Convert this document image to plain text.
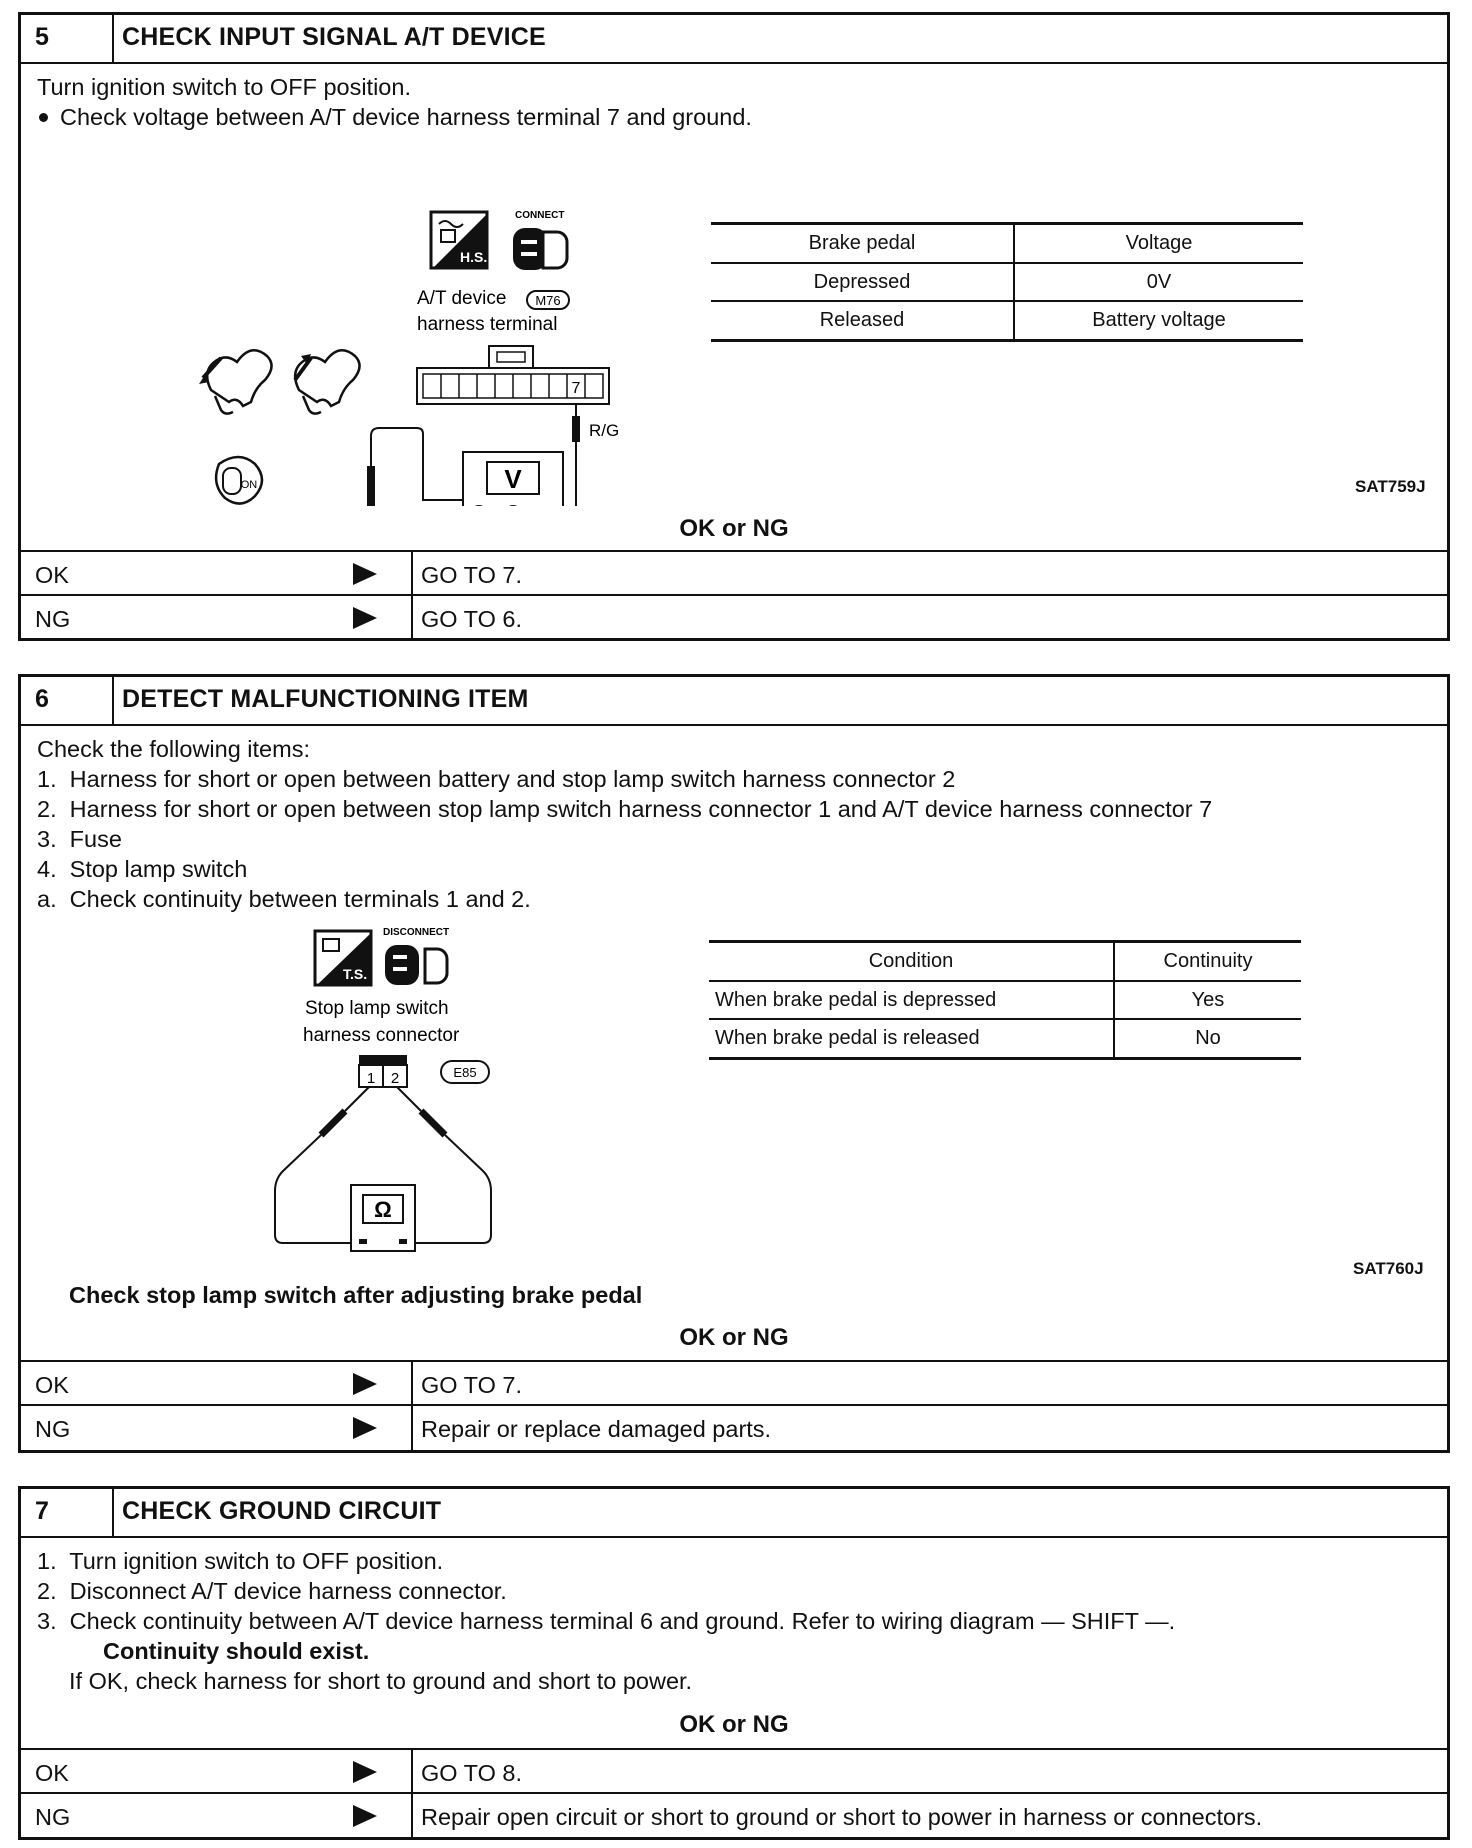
5	CHECK INPUT SIGNAL A/T DEVICE
Turn ignition switch to OFF position.
Check voltage between A/T device harness terminal 7 and ground.
H.S.
CONNECT
A/T device M76
harness terminal
7
R/G
V
ON
Brake pedal	Voltage
Depressed	0V
Released	Battery voltage
SAT759J
OK or NG
OK	GO TO 7.
NG	GO TO 6.
6	DETECT MALFUNCTIONING ITEM
Check the following items:
1.  Harness for short or open between battery and stop lamp switch harness connector 2
2.  Harness for short or open between stop lamp switch harness connector 1 and A/T device harness connector 7
3.  Fuse
4.  Stop lamp switch
a.  Check continuity between terminals 1 and 2.
T.S.
DISCONNECT
Stop lamp switch
harness connector
1 2	E85
Ω
Condition	Continuity
When brake pedal is depressed	Yes
When brake pedal is released	No
SAT760J
Check stop lamp switch after adjusting brake pedal
OK or NG
OK	GO TO 7.
NG	Repair or replace damaged parts.
7	CHECK GROUND CIRCUIT
1.  Turn ignition switch to OFF position.
2.  Disconnect A/T device harness connector.
3.  Check continuity between A/T device harness terminal 6 and ground. Refer to wiring diagram — SHIFT —.
Continuity should exist.
If OK, check harness for short to ground and short to power.
OK or NG
OK	GO TO 8.
NG	Repair open circuit or short to ground or short to power in harness or connectors.
